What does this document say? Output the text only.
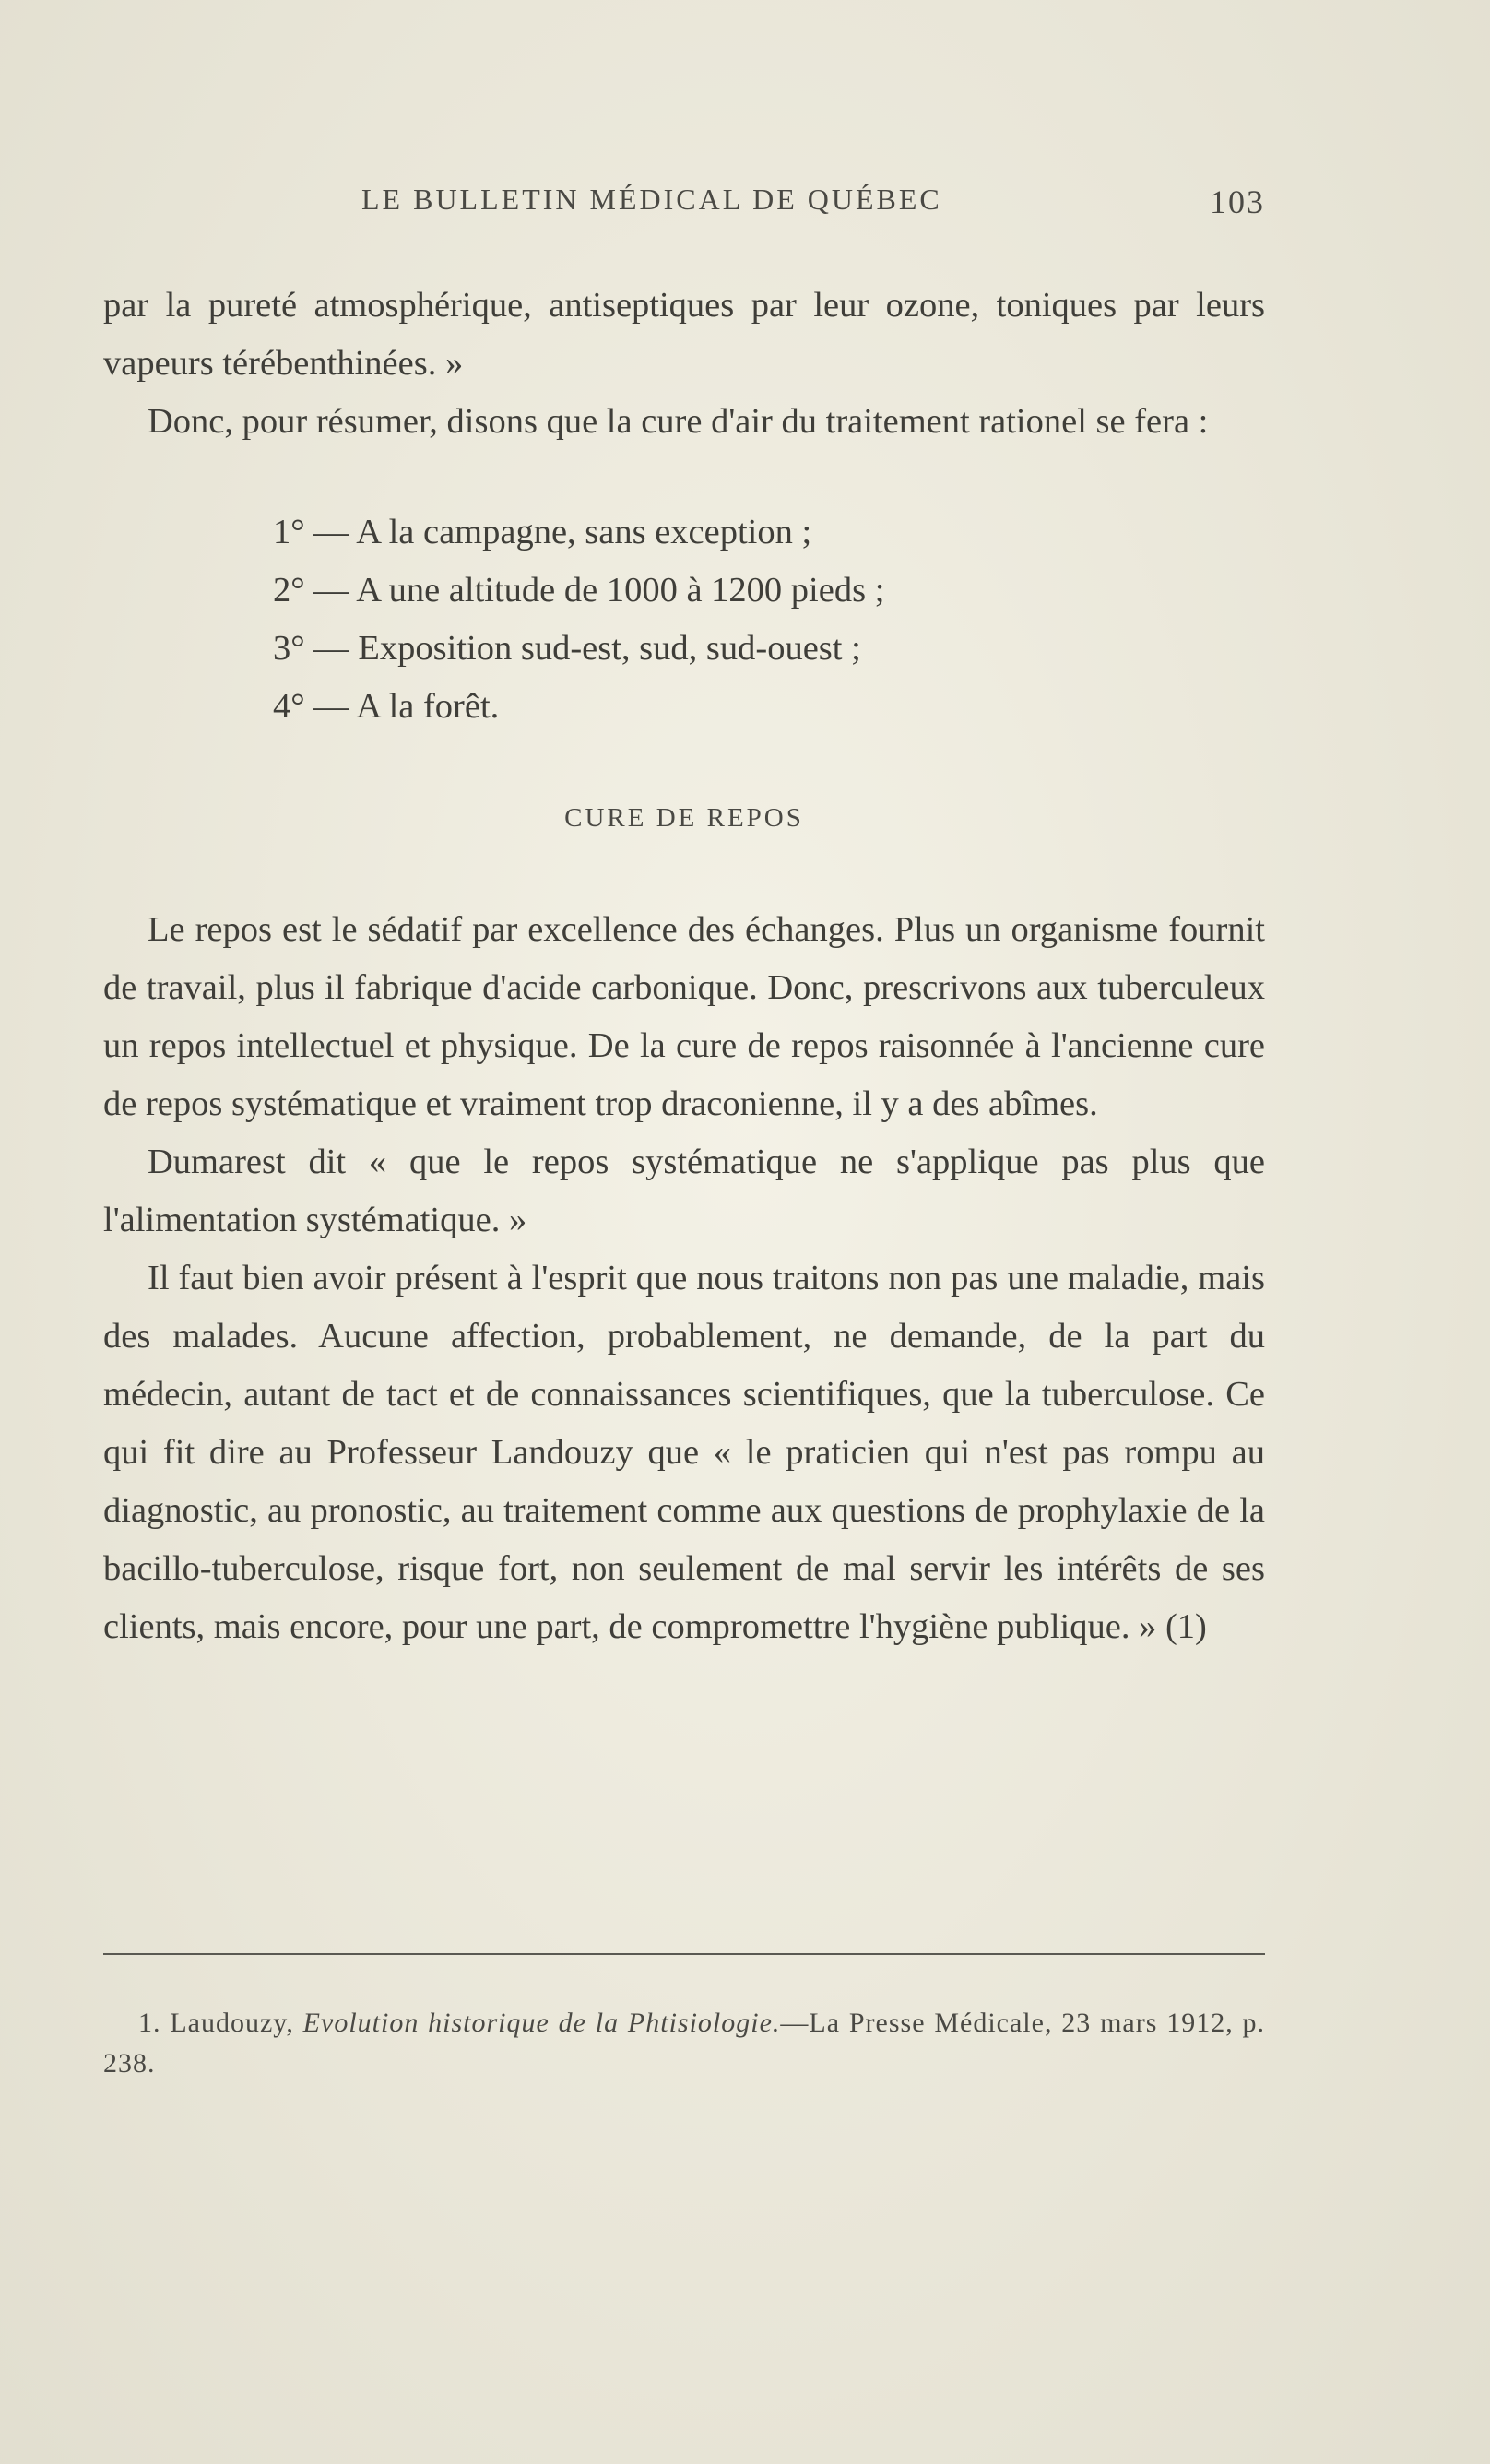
LE BULLETIN MÉDICAL DE QUÉBEC	103

par la pureté atmosphérique, antiseptiques par leur ozone, toniques par leurs vapeurs térébenthinées. »

Donc, pour résumer, disons que la cure d'air du traitement rationel se fera :

1° — A la campagne, sans exception ;
2° — A une altitude de 1000 à 1200 pieds ;
3° — Exposition sud-est, sud, sud-ouest ;
4° — A la forêt.
CURE DE REPOS

Le repos est le sédatif par excellence des échanges. Plus un organisme fournit de travail, plus il fabrique d'acide carbonique. Donc, prescrivons aux tuberculeux un repos intellectuel et physique. De la cure de repos raisonnée à l'ancienne cure de repos systématique et vraiment trop draconienne, il y a des abîmes.

Dumarest dit « que le repos systématique ne s'applique pas plus que l'alimentation systématique. »

Il faut bien avoir présent à l'esprit que nous traitons non pas une maladie, mais des malades. Aucune affection, probablement, ne demande, de la part du médecin, autant de tact et de connaissances scientifiques, que la tuberculose. Ce qui fit dire au Professeur Landouzy que « le praticien qui n'est pas rompu au diagnostic, au pronostic, au traitement comme aux questions de prophylaxie de la bacillo-tuberculose, risque fort, non seulement de mal servir les intérêts de ses clients, mais encore, pour une part, de compromettre l'hygiène publique. » (1)

1. Laudouzy, Evolution historique de la Phtisiologie.—La Presse Médicale, 23 mars 1912, p. 238.
